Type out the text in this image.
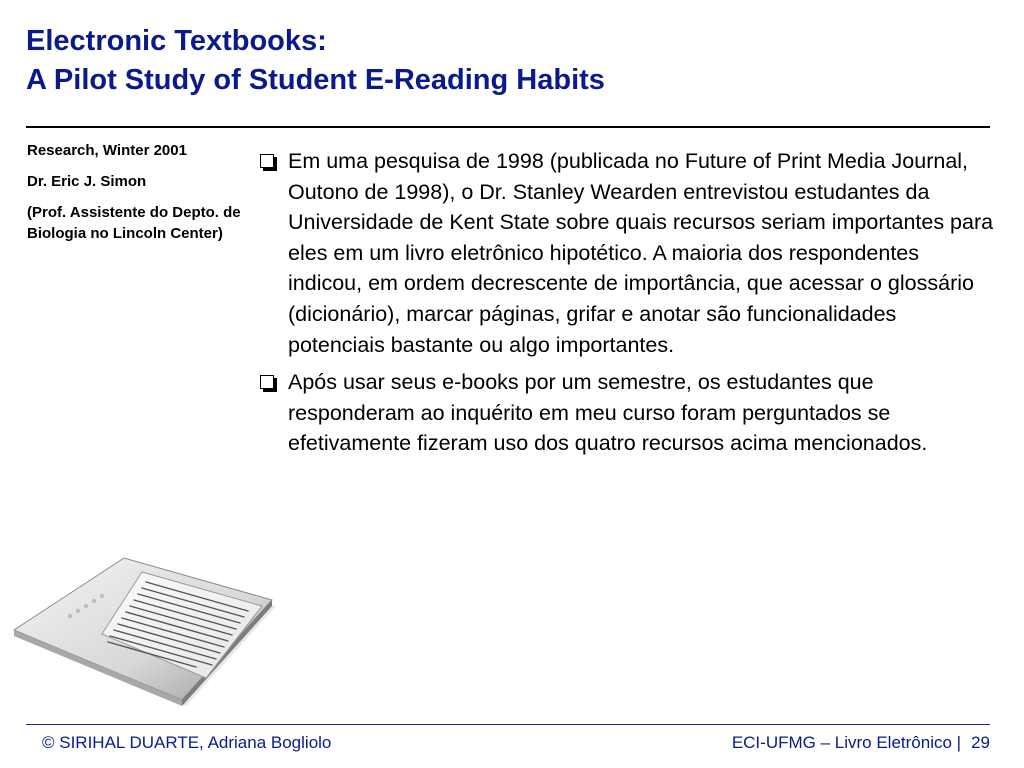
Electronic Textbooks:
A Pilot Study of Student E-Reading Habits

Research, Winter 2001

Dr. Eric J. Simon

(Prof. Assistente do Depto. de Biologia no Lincoln Center)

Em uma pesquisa de 1998 (publicada no Future of Print Media Journal, Outono de 1998), o Dr. Stanley Wearden entrevistou estudantes da Universidade de Kent State sobre quais recursos seriam importantes para eles em um livro eletrônico hipotético. A maioria dos respondentes indicou, em ordem decrescente de importância, que acessar o glossário (dicionário), marcar páginas, grifar e anotar são funcionalidades potenciais bastante ou algo importantes.
Após usar seus e-books por um semestre, os estudantes que responderam ao inquérito em meu curso foram perguntados se efetivamente fizeram uso dos quatro recursos acima mencionados.
© SIRIHAL DUARTE, Adriana Bogliolo	ECI-UFMG – Livro Eletrônico | 29
